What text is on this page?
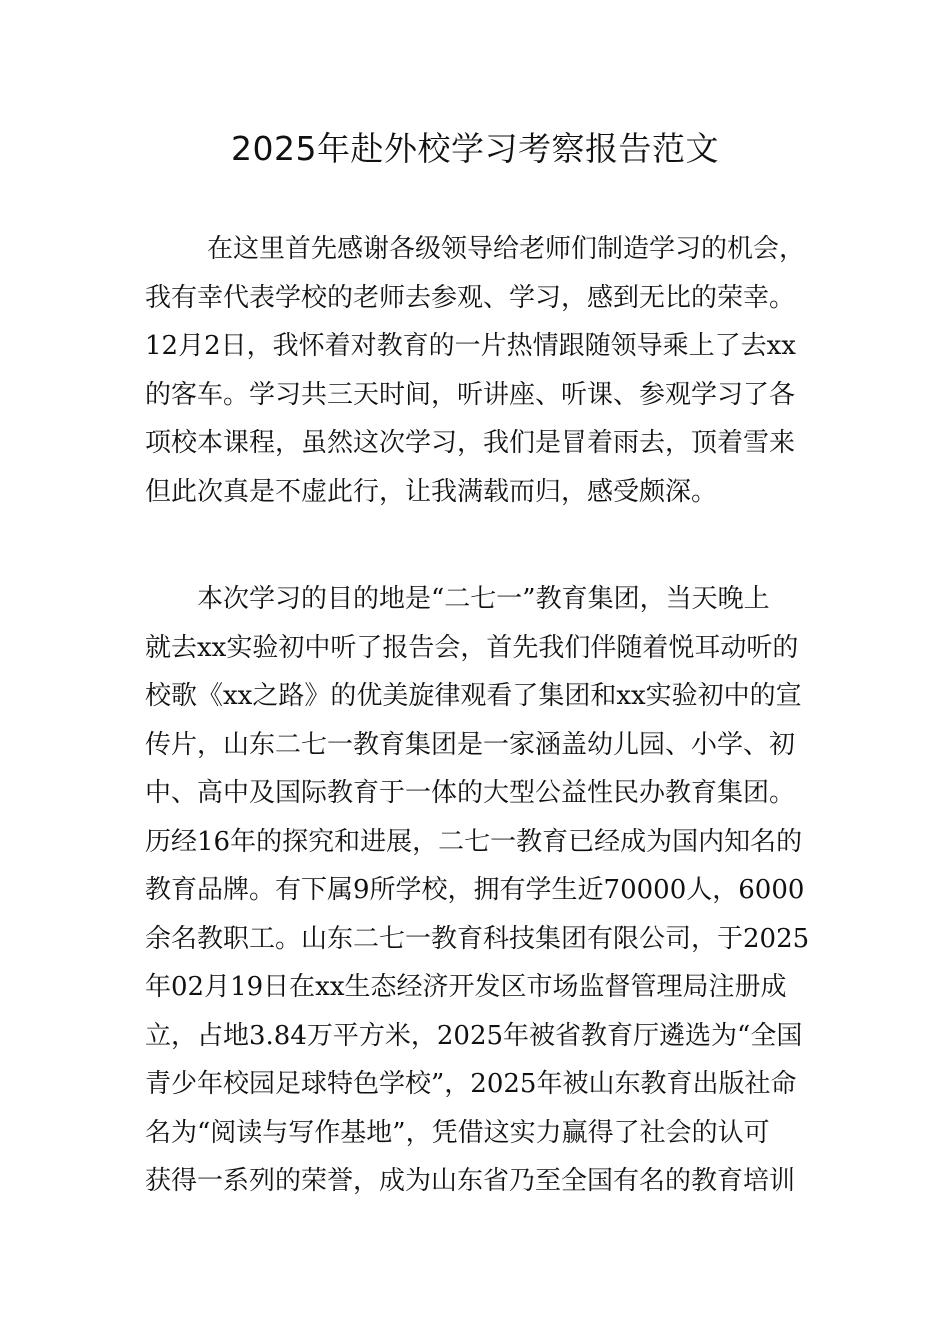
2025年赴外校学习考察报告范文
在这里首先感谢各级领导给老师们制造学习的机会，
我有幸代表学校的老师去参观、学习，感到无比的荣幸。
12月2日，我怀着对教育的一片热情跟随领导乘上了去xx
的客车。学习共三天时间，听讲座、听课、参观学习了各
项校本课程，虽然这次学习，我们是冒着雨去，顶着雪来
但此次真是不虚此行，让我满载而归，感受颇深。
本次学习的目的地是“二七一”教育集团，当天晚上
就去xx实验初中听了报告会，首先我们伴随着悦耳动听的
校歌《xx之路》的优美旋律观看了集团和xx实验初中的宣
传片，山东二七一教育集团是一家涵盖幼儿园、小学、初
中、高中及国际教育于一体的大型公益性民办教育集团。
历经16年的探究和进展，二七一教育已经成为国内知名的
教育品牌。有下属9所学校，拥有学生近70000人，6000
余名教职工。山东二七一教育科技集团有限公司，于2025
年02月19日在xx生态经济开发区市场监督管理局注册成
立，占地3.84万平方米，2025年被省教育厅遴选为“全国
青少年校园足球特色学校”，2025年被山东教育出版社命
名为“阅读与写作基地”，凭借这实力赢得了社会的认可
获得一系列的荣誉，成为山东省乃至全国有名的教育培训
